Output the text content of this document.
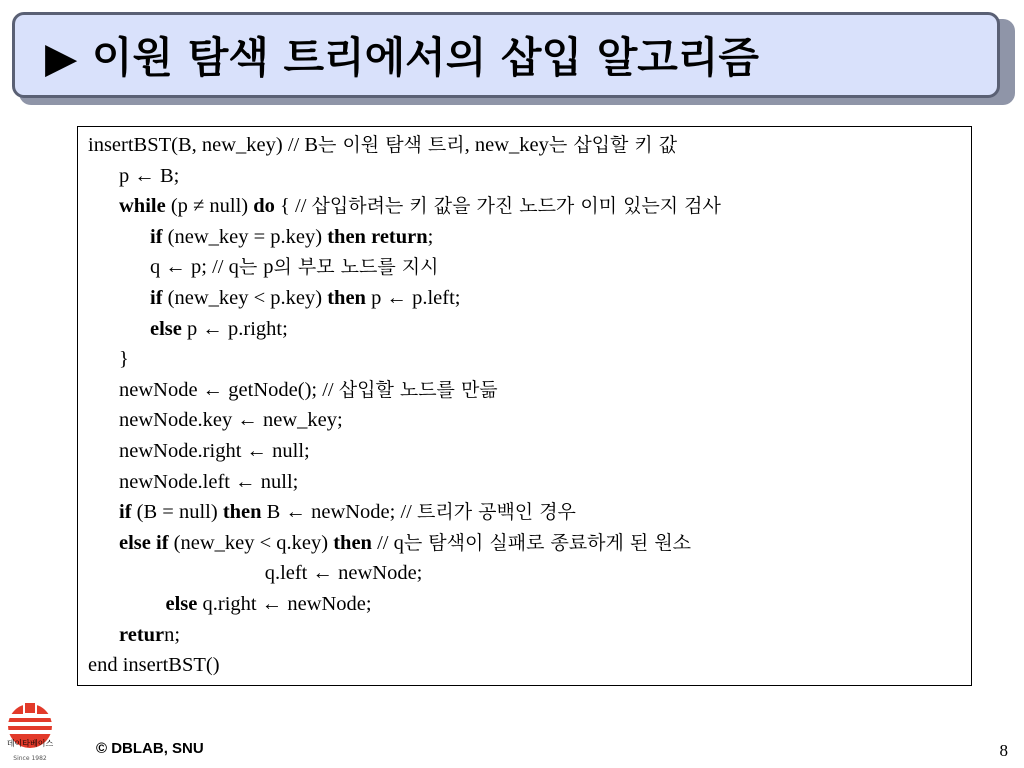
▶ 이원 탐색 트리에서의 삽입 알고리즘
insertBST(B, new_key) // B는 이원 탐색 트리, new_key는 삽입할 키 값
p ← B;
while (p ≠ null) do { // 삽입하려는 키 값을 가진 노드가 이미 있는지 검사
if (new_key = p.key) then return;
q ← p; // q는 p의 부모 노드를 지시
if (new_key < p.key) then p ← p.left;
else p ← p.right;
}
newNode ← getNode(); // 삽입할 노드를 만듦
newNode.key ← new_key;
newNode.right ← null;
newNode.left ← null;
if (B = null) then B ← newNode; // 트리가 공백인 경우
else if (new_key < q.key) then // q는 탐색이 실패로 종료하게 된 원소
q.left ← newNode;
else q.right ← newNode;
return;
end insertBST()
데이타베이스
Since 1982
© DBLAB, SNU	8
